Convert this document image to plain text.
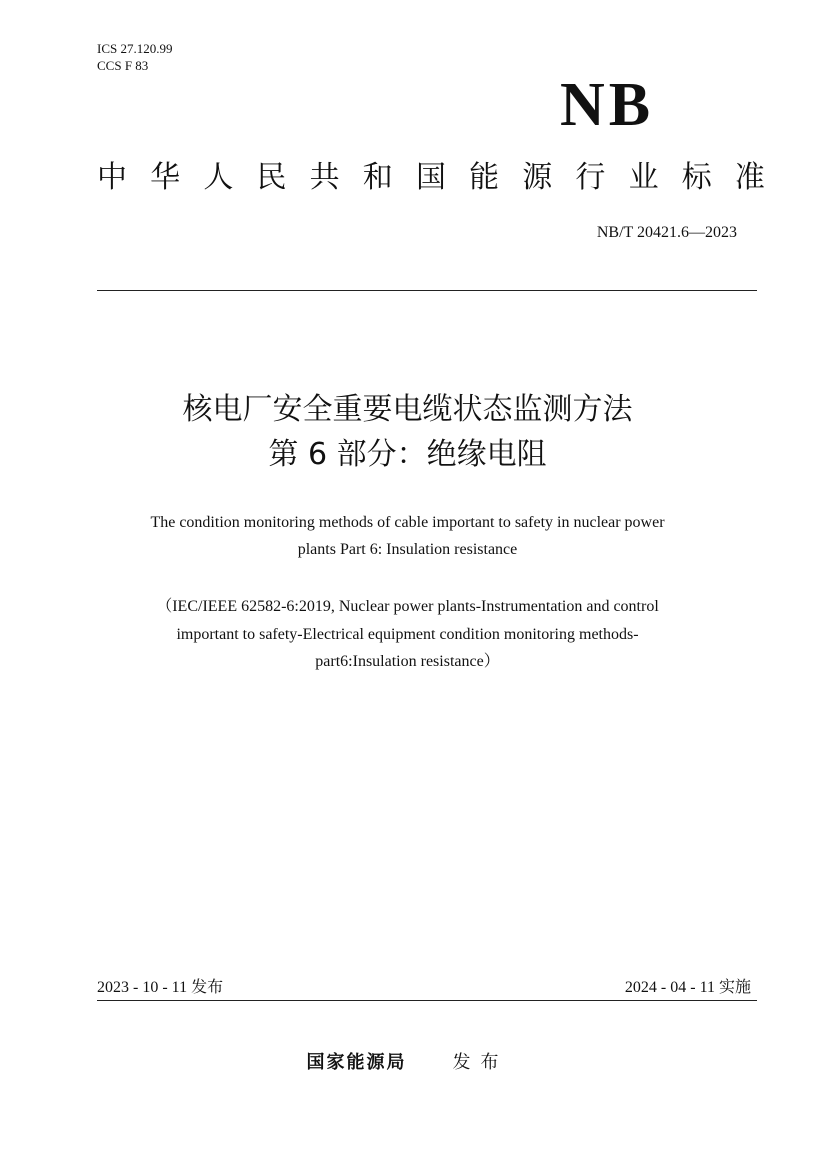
ICS 27.120.99
CCS F 83
NB
中 华 人 民 共 和 国 能 源 行 业 标 准
NB/T 20421.6—2023
核电厂安全重要电缆状态监测方法
第 6 部分：绝缘电阻
The condition monitoring methods of cable important to safety in nuclear power
plants Part 6: Insulation resistance
（IEC/IEEE 62582-6:2019, Nuclear power plants-Instrumentation and control
important to safety-Electrical equipment condition monitoring methods-
part6:Insulation resistance）
2023 - 10 - 11 发布	2024 - 04 - 11 实施
国家能源局	发布
